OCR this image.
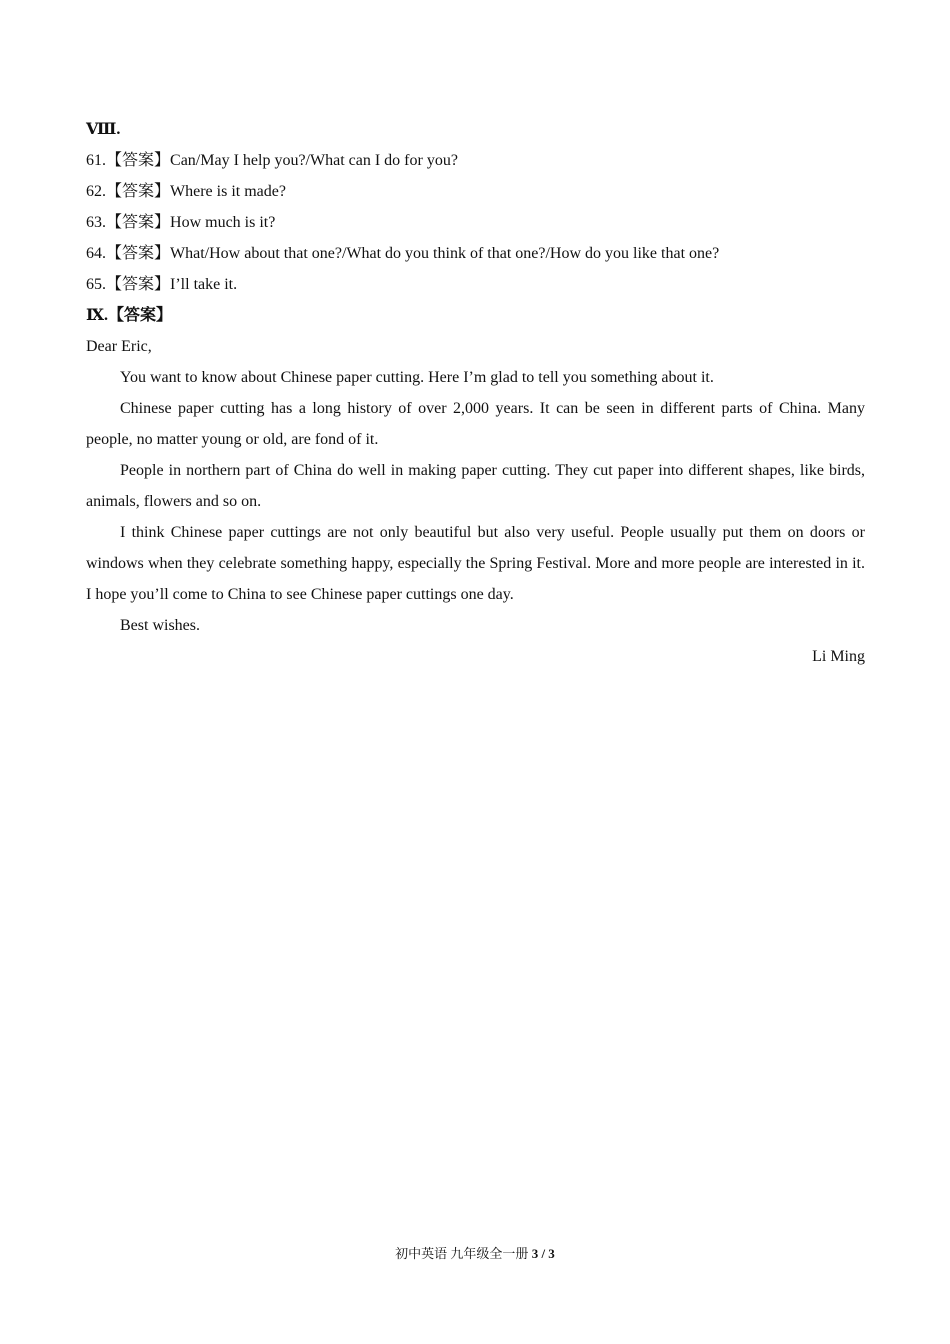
Ⅷ.

61.【答案】Can/May I help you?/What can I do for you?

62.【答案】Where is it made?

63.【答案】How much is it?

64.【答案】What/How about that one?/What do you think of that one?/How do you like that one?

65.【答案】I’ll take it.

Ⅸ.【答案】

Dear Eric,

You want to know about Chinese paper cutting. Here I’m glad to tell you something about it.

Chinese paper cutting has a long history of over 2,000 years. It can be seen in different parts of China. Many people, no matter young or old, are fond of it.

People in northern part of China do well in making paper cutting. They cut paper into different shapes, like birds, animals, flowers and so on.

I think Chinese paper cuttings are not only beautiful but also very useful. People usually put them on doors or windows when they celebrate something happy, especially the Spring Festival. More and more people are interested in it. I hope you’ll come to China to see Chinese paper cuttings one day.

Best wishes.

Li Ming

初中英语 九年级全一册 3 / 3
